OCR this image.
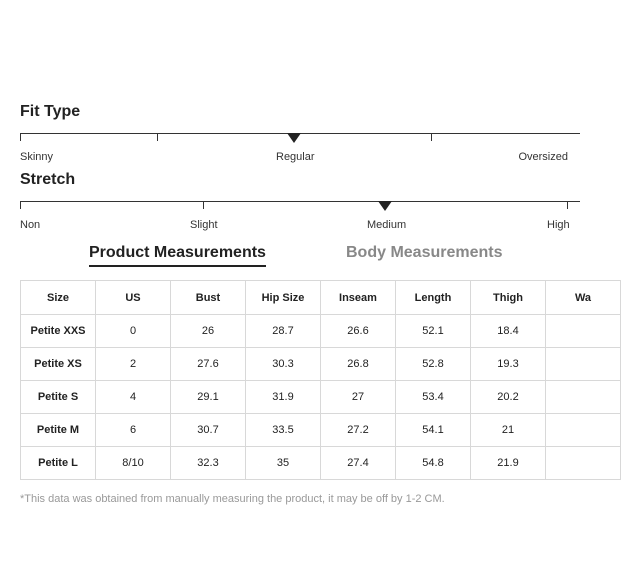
Fit Type
Skinny	Regular	Oversized
Stretch
Non	Slight	Medium	High
Product Measurements	Body Measurements
Size	US	Bust	Hip Size	Inseam	Length	Thigh	Wa
Petite XXS	0	26	28.7	26.6	52.1	18.4	
Petite XS	2	27.6	30.3	26.8	52.8	19.3	
Petite S	4	29.1	31.9	27	53.4	20.2	
Petite M	6	30.7	33.5	27.2	54.1	21	
Petite L	8/10	32.3	35	27.4	54.8	21.9	

*This data was obtained from manually measuring the product, it may be off by 1-2 CM.
